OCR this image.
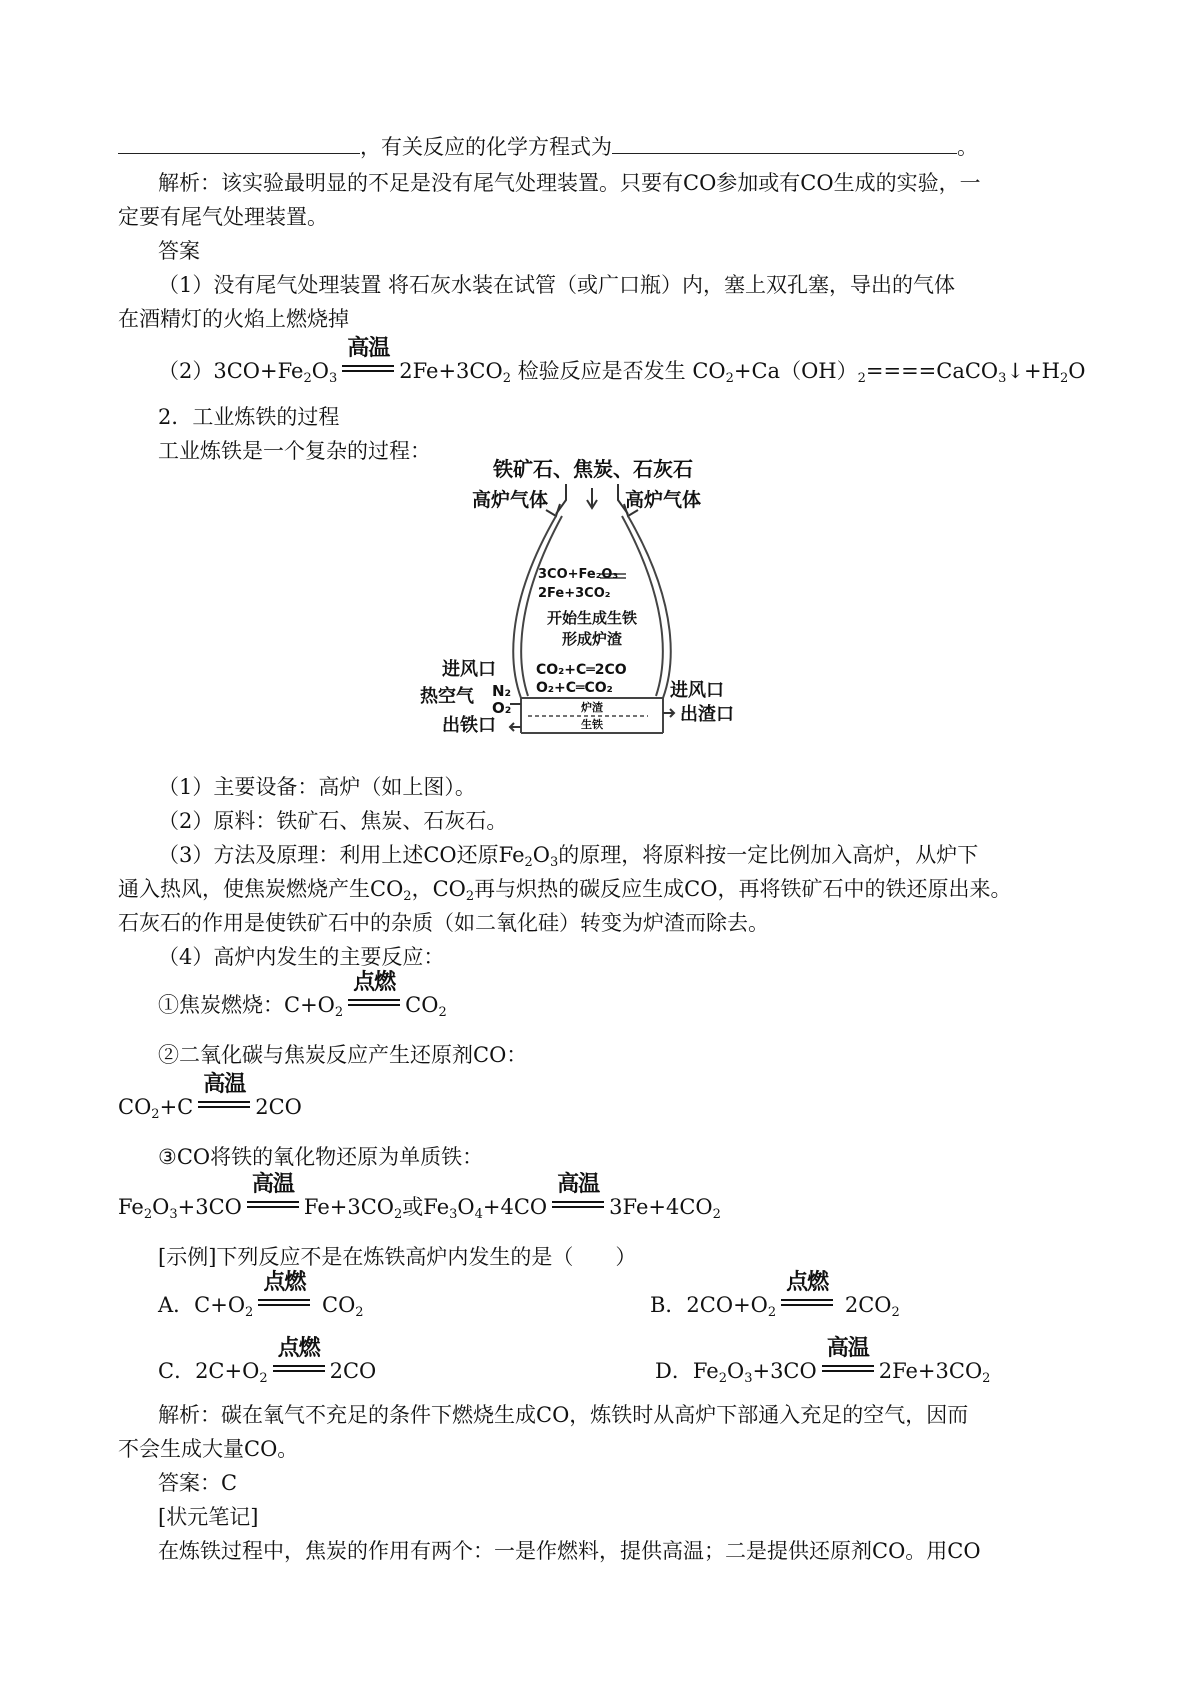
，有关反应的化学方程式为	。
解析：该实验最明显的不足是没有尾气处理装置。只要有CO参加或有CO生成的实验，一
定要有尾气处理装置。
答案
（1）没有尾气处理装置 将石灰水装在试管（或广口瓶）内，塞上双孔塞，导出的气体
在酒精灯的火焰上燃烧掉
$(2)3CO+Fe_2O_3$
高温
$2Fe+3CO_2$ 检验反应是否发生 $CO_2+Ca(OH)_2====CaCO_3↓+H_2O$
2．工业炼铁的过程
工业炼铁是一个复杂的过程：
铁矿石、焦炭、石灰石
高炉气体	高炉气体
3CO+Fe₂O₃
2Fe+3CO₂
开始生成生铁
形成炉渣
CO₂+C═2CO
O₂+C═CO₂
进风口
热空气 N₂
O₂
出铁口
进风口
出渣口
炉渣
生铁
（1）主要设备：高炉（如上图）。
（2）原料：铁矿石、焦炭、石灰石。
（3）方法及原理：利用上述CO还原$Fe_2O_3$的原理，将原料按一定比例加入高炉，从炉下
通入热风，使焦炭燃烧产生$CO_2$，$CO_2$再与炽热的碳反应生成CO，再将铁矿石中的铁还原出来。
石灰石的作用是使铁矿石中的杂质（如二氧化硅）转变为炉渣而除去。
（4）高炉内发生的主要反应：
①焦炭燃烧：$C+O_2$
点燃
$CO_2$
②二氧化碳与焦炭反应产生还原剂CO：
$CO_2+C$
高温
2CO
③CO将铁的氧化物还原为单质铁：
$Fe_2O_3+3CO$
高温
$Fe+3CO_2$或$Fe_3O_4+4CO$
高温
$3Fe+4CO_2$
[示例]下列反应不是在炼铁高炉内发生的是（　　）
A．$C+O_2$
点燃
$CO_2$	B．$2CO+O_2$
点燃
$2CO_2$
C．$2C+O_2$
点燃
2CO	D．$Fe_2O_3+3CO$
高温
$2Fe+3CO_2$
解析：碳在氧气不充足的条件下燃烧生成CO，炼铁时从高炉下部通入充足的空气，因而
不会生成大量CO。
答案：C
[状元笔记]
在炼铁过程中，焦炭的作用有两个：一是作燃料，提供高温；二是提供还原剂CO。用CO
